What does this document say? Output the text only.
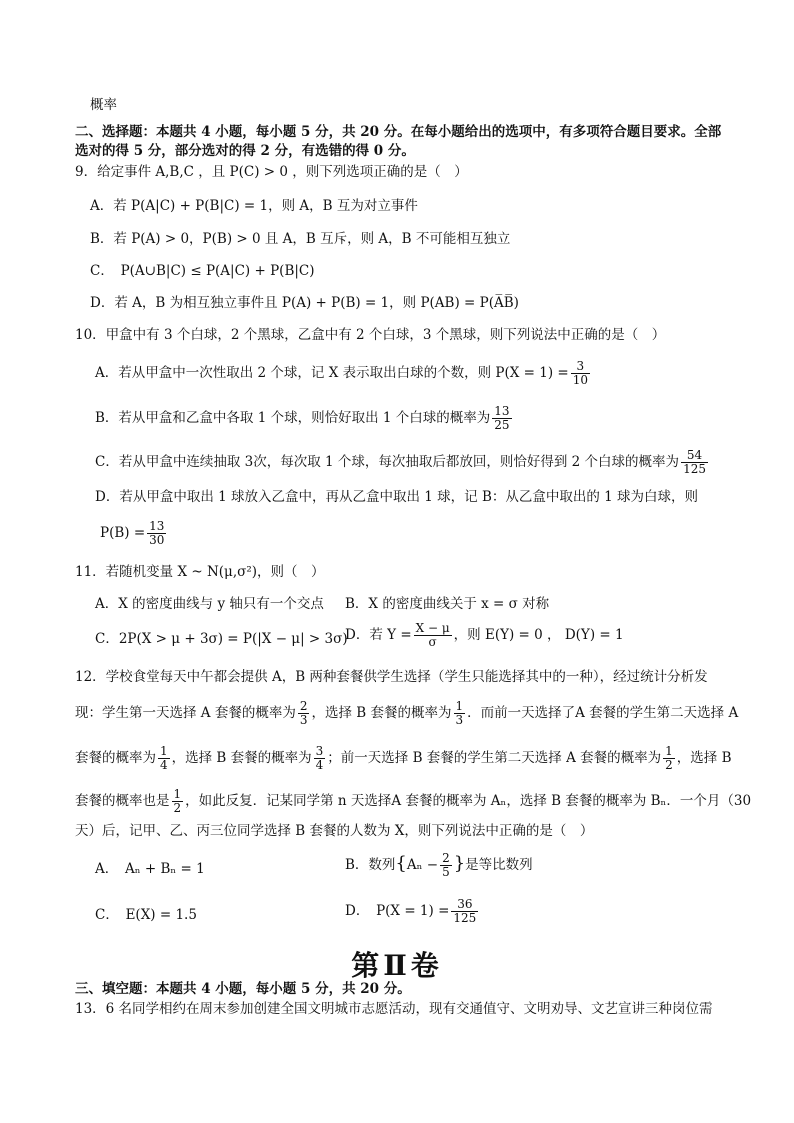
概率
二、选择题：本题共 4 小题，每小题 5 分，共 20 分。在每小题给出的选项中，有多项符合题目要求。全部
选对的得 5 分，部分选对的得 2 分，有选错的得 0 分。
9．给定事件 A,B,C ，且 P(C) > 0 ，则下列选项正确的是（　）
A．若 P(A|C) + P(B|C) = 1，则 A，B 互为对立事件
B．若 P(A) > 0，P(B) > 0 且 A，B 互斥，则 A，B 不可能相互独立
C．　P(A∪B|C) ≤ P(A|C) + P(B|C)
D．若 A，B 为相互独立事件且 P(A) + P(B) = 1，则 P(AB) = P(A̅B̅)
10．甲盒中有 3 个白球，2 个黑球，乙盒中有 2 个白球，3 个黑球，则下列说法中正确的是（　）
A．若从甲盒中一次性取出 2 个球，记 X 表示取出白球的个数，则 $P(X = 1) = \frac{3}{10}$
B．若从甲盒和乙盒中各取 1 个球，则恰好取出 1 个白球的概率为 $\frac{13}{25}$
C．若从甲盒中连续抽取 3次，每次取 1 个球，每次抽取后都放回，则恰好得到 2 个白球的概率为 $\frac{54}{125}$
D．若从甲盒中取出 1 球放入乙盒中，再从乙盒中取出 1 球，记 B：从乙盒中取出的 1 球为白球，则
$P(B) = \frac{13}{30}$
11．若随机变量 X ~ N(μ,σ²)，则（　）
A．X 的密度曲线与 y 轴只有一个交点 B．X 的密度曲线关于 x = σ 对称
C．2P(X > μ + 3σ) = P(|X − μ| > 3σ)
D．若 $Y = \frac{X - \mu}{\sigma}$ ，则 E(Y) = 0 ， D(Y) = 1
12．学校食堂每天中午都会提供 A，B 两种套餐供学生选择（学生只能选择其中的一种），经过统计分析发
现：学生第一天选择 A 套餐的概率为 $\frac{2}{3}$ ，选择 B 套餐的概率为 $\frac{1}{3}$ ．而前一天选择了A 套餐的学生第二天选择 A
套餐的概率为 $\frac{1}{4}$ ，选择 B 套餐的概率为 $\frac{3}{4}$ ；前一天选择 B 套餐的学生第二天选择 A 套餐的概率为 $\frac{1}{2}$ ，选择 B
套餐的概率也是 $\frac{1}{2}$ ，如此反复．记某同学第 n 天选择A 套餐的概率为 Aₙ，选择 B 套餐的概率为 Bₙ．一个月（30
天）后，记甲、乙、丙三位同学选择 B 套餐的人数为 X，则下列说法中正确的是（　）
A．　Aₙ + Bₙ = 1	B．数列{$A_n - \frac{2}{5}$ }是等比数列
C．　E(X) = 1.5	D．　$P(X = 1) = \frac{36}{125}$
第Ⅱ卷
三、填空题：本题共 4 小题，每小题 5 分，共 20 分。
13．6 名同学相约在周末参加创建全国文明城市志愿活动，现有交通值守、文明劝导、文艺宣讲三种岗位需
